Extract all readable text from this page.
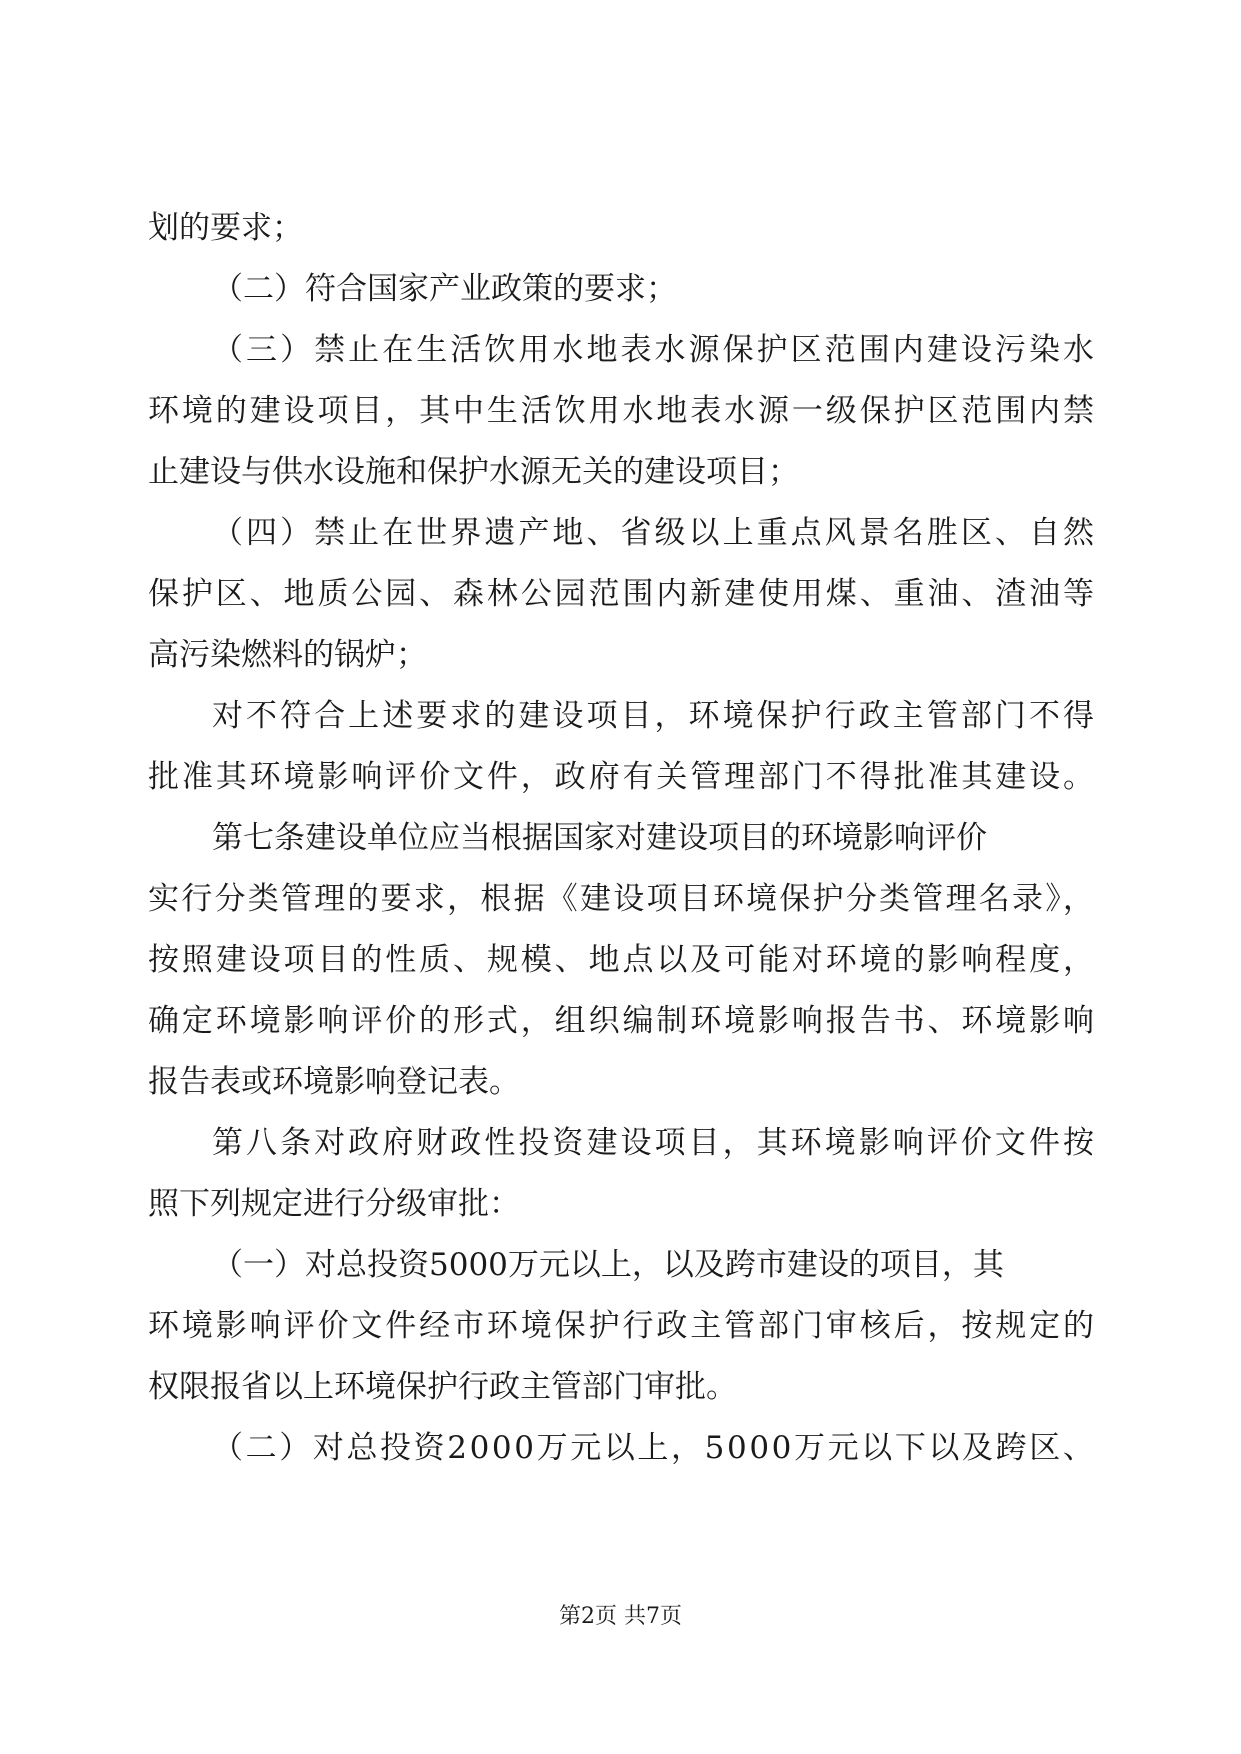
划的要求；
（二）符合国家产业政策的要求；
（三）禁止在生活饮用水地表水源保护区范围内建设污染水
环境的建设项目，其中生活饮用水地表水源一级保护区范围内禁
止建设与供水设施和保护水源无关的建设项目；
（四）禁止在世界遗产地、省级以上重点风景名胜区、自然
保护区、地质公园、森林公园范围内新建使用煤、重油、渣油等
高污染燃料的锅炉；
对不符合上述要求的建设项目，环境保护行政主管部门不得
批准其环境影响评价文件，政府有关管理部门不得批准其建设。
第七条建设单位应当根据国家对建设项目的环境影响评价
实行分类管理的要求，根据《建设项目环境保护分类管理名录》，
按照建设项目的性质、规模、地点以及可能对环境的影响程度，
确定环境影响评价的形式，组织编制环境影响报告书、环境影响
报告表或环境影响登记表。
第八条对政府财政性投资建设项目，其环境影响评价文件按
照下列规定进行分级审批：
（一）对总投资5000万元以上，以及跨市建设的项目，其
环境影响评价文件经市环境保护行政主管部门审核后，按规定的
权限报省以上环境保护行政主管部门审批。
（二）对总投资2000万元以上，5000万元以下以及跨区、
第2页 共7页
